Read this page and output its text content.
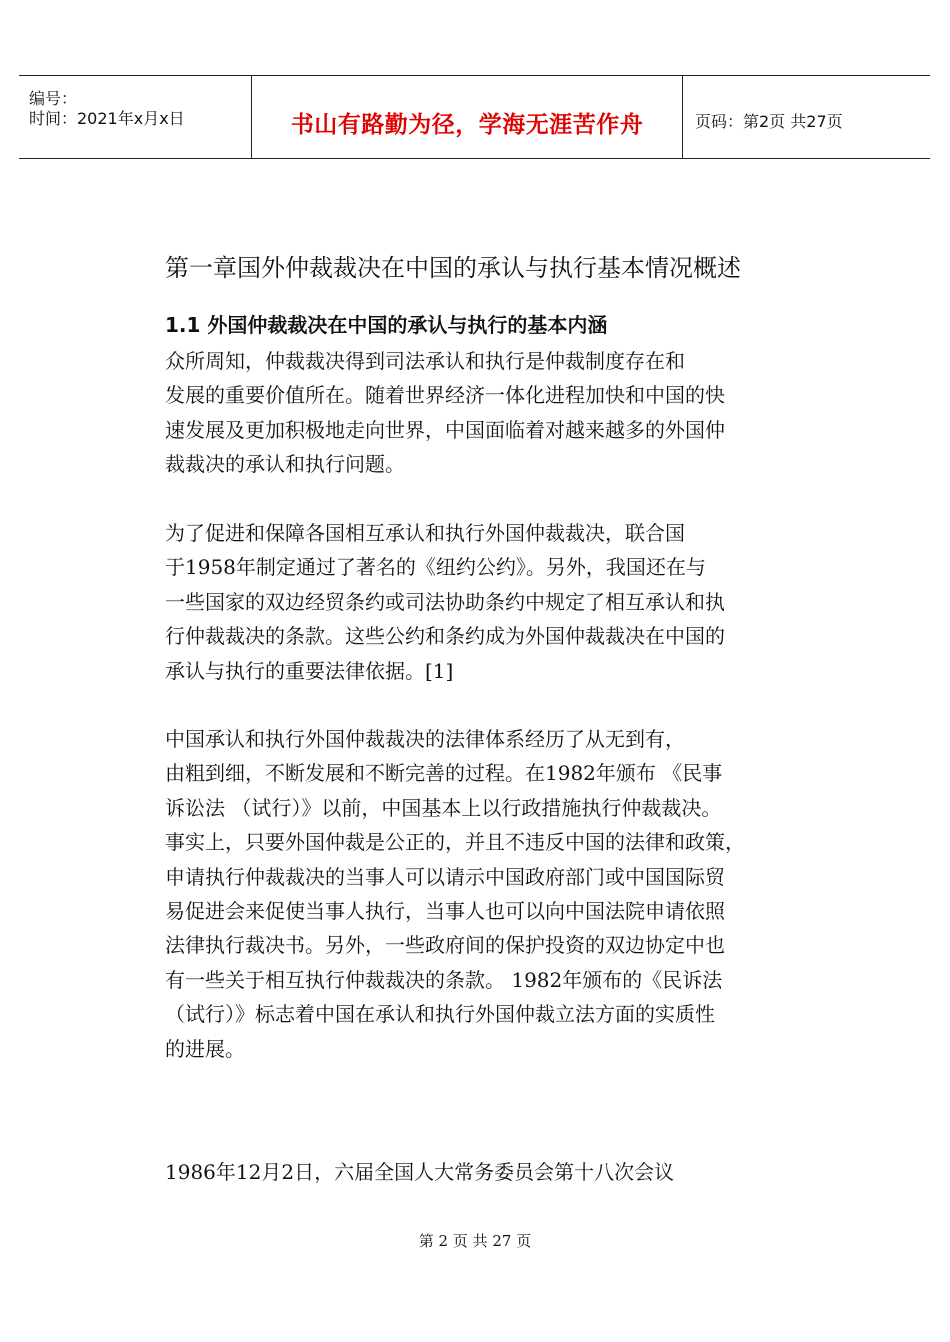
编号：
时间：2021年x月x日	书山有路勤为径，学海无涯苦作舟	页码：第2页 共27页
第一章国外仲裁裁决在中国的承认与执行基本情况概述
1.1 外国仲裁裁决在中国的承认与执行的基本内涵
众所周知，仲裁裁决得到司法承认和执行是仲裁制度存在和
发展的重要价值所在。随着世界经济一体化进程加快和中国的快
速发展及更加积极地走向世界，中国面临着对越来越多的外国仲
裁裁决的承认和执行问题。
为了促进和保障各国相互承认和执行外国仲裁裁决，联合国
于1958年制定通过了著名的《纽约公约》。另外，我国还在与
一些国家的双边经贸条约或司法协助条约中规定了相互承认和执
行仲裁裁决的条款。这些公约和条约成为外国仲裁裁决在中国的
承认与执行的重要法律依据。[1]
中国承认和执行外国仲裁裁决的法律体系经历了从无到有，
由粗到细，不断发展和不断完善的过程。在1982年颁布 《民事
诉讼法 （试行）》以前，中国基本上以行政措施执行仲裁裁决。
事实上，只要外国仲裁是公正的，并且不违反中国的法律和政策，
申请执行仲裁裁决的当事人可以请示中国政府部门或中国国际贸
易促进会来促使当事人执行，当事人也可以向中国法院申请依照
法律执行裁决书。另外，一些政府间的保护投资的双边协定中也
有一些关于相互执行仲裁裁决的条款。 1982年颁布的《民诉法
（试行）》标志着中国在承认和执行外国仲裁立法方面的实质性
的进展。
1986年12月2日，六届全国人大常务委员会第十八次会议
第 2 页 共 27 页
